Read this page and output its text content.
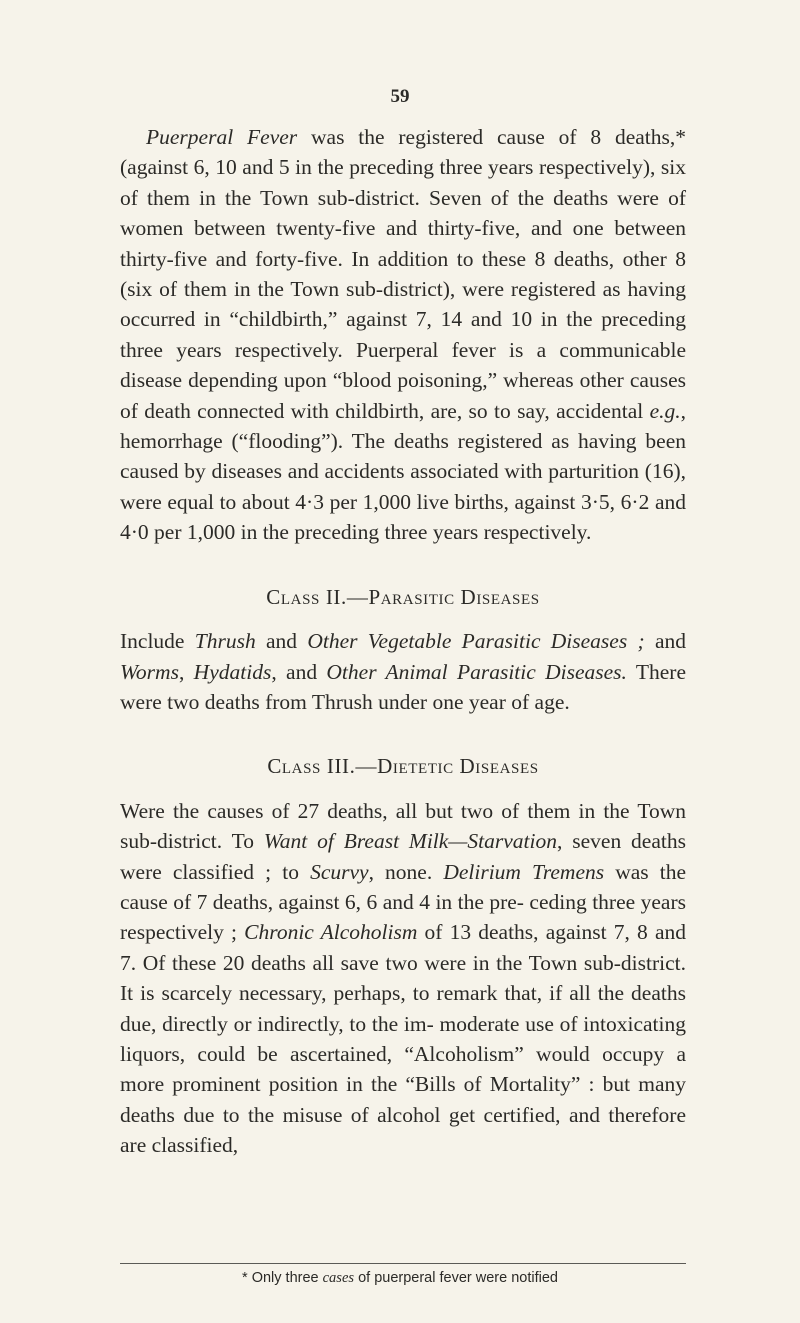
59

Puerperal Fever was the registered cause of 8 deaths,* (against 6, 10 and 5 in the preceding three years respectively), six of them in the Town sub-district. Seven of the deaths were of women between twenty-five and thirty-five, and one between thirty-five and forty-five. In addition to these 8 deaths, other 8 (six of them in the Town sub-district), were registered as having occurred in “childbirth,” against 7, 14 and 10 in the preceding three years respectively. Puerperal fever is a communicable disease depending upon “blood poisoning,” whereas other causes of death connected with childbirth, are, so to say, accidental e.g., hemorrhage (“flooding”). The deaths registered as having been caused by diseases and accidents associated with parturition (16), were equal to about 4·3 per 1,000 live births, against 3·5, 6·2 and 4·0 per 1,000 in the preceding three years respectively.

Class II.—Parasitic Diseases

Include Thrush and Other Vegetable Parasitic Diseases ; and Worms, Hydatids, and Other Animal Parasitic Diseases. There were two deaths from Thrush under one year of age.

Class III.—Dietetic Diseases

Were the causes of 27 deaths, all but two of them in the Town sub-district. To Want of Breast Milk—Starvation, seven deaths were classified ; to Scurvy, none. Delirium Tremens was the cause of 7 deaths, against 6, 6 and 4 in the pre- ceding three years respectively ; Chronic Alcoholism of 13 deaths, against 7, 8 and 7. Of these 20 deaths all save two were in the Town sub-district. It is scarcely necessary, perhaps, to remark that, if all the deaths due, directly or indirectly, to the im- moderate use of intoxicating liquors, could be ascertained, “Alcoholism” would occupy a more prominent position in the “Bills of Mortality” : but many deaths due to the misuse of alcohol get certified, and therefore are classified,

* Only three cases of puerperal fever were notified
